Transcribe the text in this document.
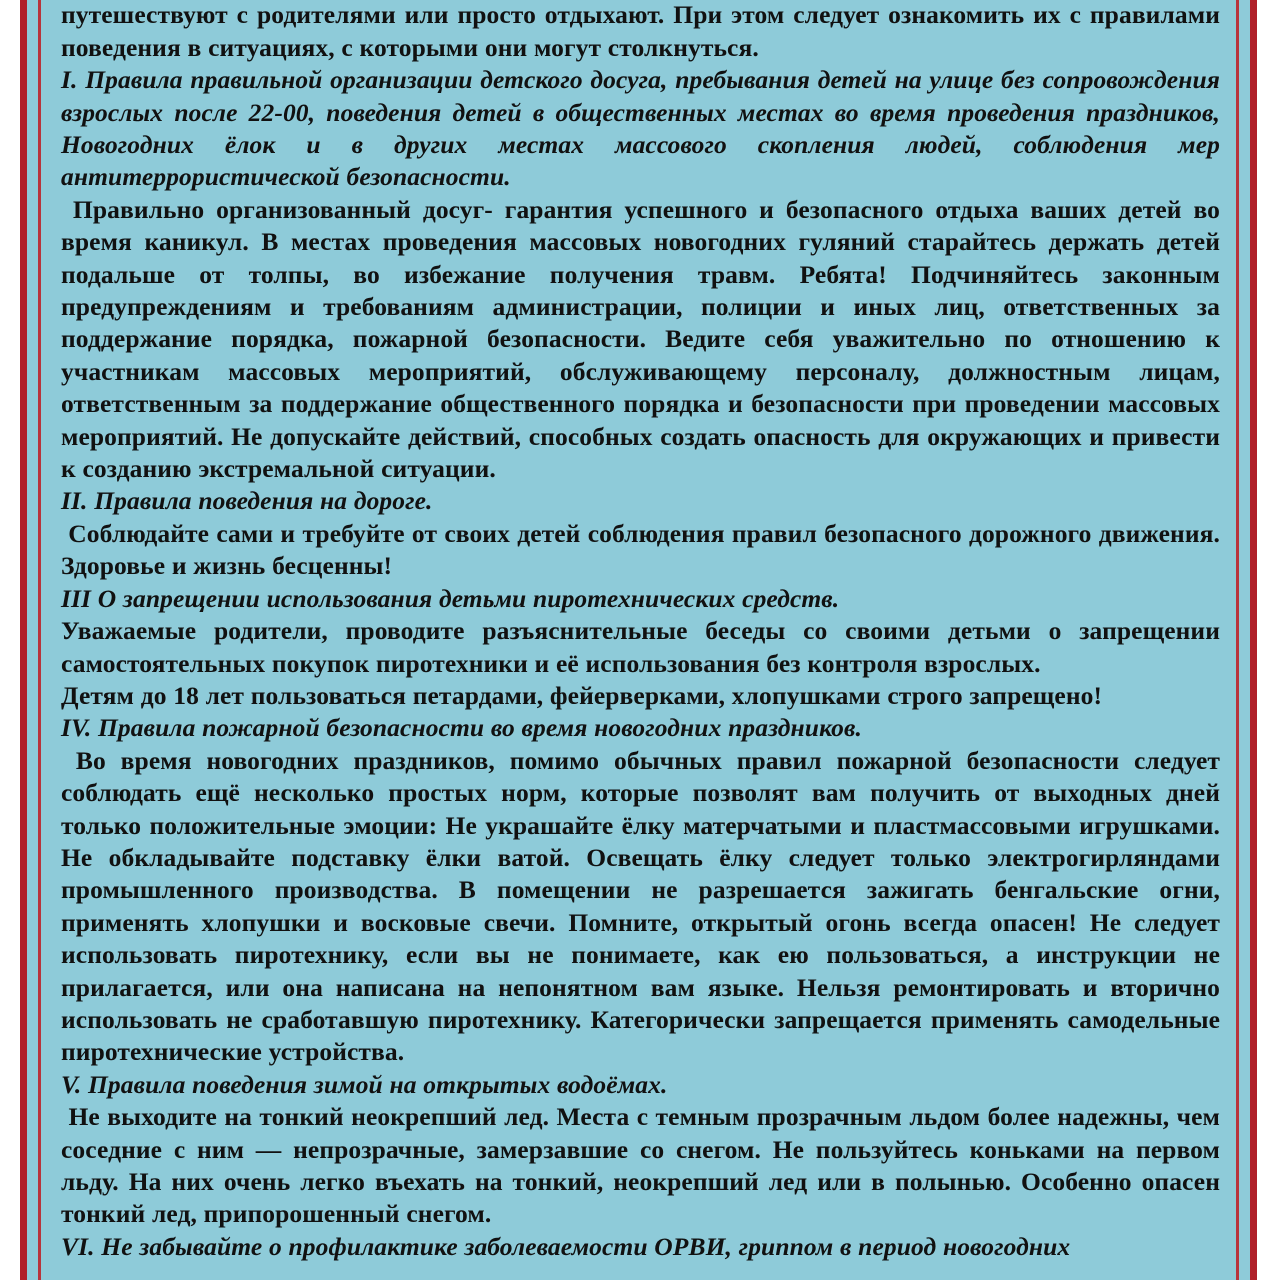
путешествуют с родителями или просто отдыхают. При этом следует ознакомить их с правилами поведения в ситуациях, с которыми они могут столкнуться.

I. Правила правильной организации детского досуга, пребывания детей на улице без сопровождения взрослых после 22-00, поведения детей в общественных местах во время проведения праздников, Новогодних ёлок и в других местах массового скопления людей, соблюдения мер антитеррористической безопасности.

Правильно организованный досуг- гарантия успешного и безопасного отдыха ваших детей во время каникул. В местах проведения массовых новогодних гуляний старайтесь держать детей подальше от толпы, во избежание получения травм. Ребята! Подчиняйтесь законным предупреждениям и требованиям администрации, полиции и иных лиц, ответственных за поддержание порядка, пожарной безопасности. Ведите себя уважительно по отношению к участникам массовых мероприятий, обслуживающему персоналу, должностным лицам, ответственным за поддержание общественного порядка и безопасности при проведении массовых мероприятий. Не допускайте действий, способных создать опасность для окружающих и привести к созданию экстремальной ситуации.

II. Правила поведения на дороге.

Соблюдайте сами и требуйте от своих детей соблюдения правил безопасного дорожного движения. Здоровье и жизнь бесценны!

III О запрещении использования детьми пиротехнических средств.

Уважаемые родители, проводите разъяснительные беседы со своими детьми о запрещении самостоятельных покупок пиротехники и её использования без контроля взрослых.

Детям до 18 лет пользоваться петардами, фейерверками, хлопушками строго запрещено!

IV. Правила пожарной безопасности во время новогодних праздников.

Во время новогодних праздников, помимо обычных правил пожарной безопасности следует соблюдать ещё несколько простых норм, которые позволят вам получить от выходных дней только положительные эмоции: Не украшайте ёлку матерчатыми и пластмассовыми игрушками. Не обкладывайте подставку ёлки ватой. Освещать ёлку следует только электрогирляндами промышленного производства. В помещении не разрешается зажигать бенгальские огни, применять хлопушки и восковые свечи. Помните, открытый огонь всегда опасен! Не следует использовать пиротехнику, если вы не понимаете, как ею пользоваться, а инструкции не прилагается, или она написана на непонятном вам языке. Нельзя ремонтировать и вторично использовать не сработавшую пиротехнику. Категорически запрещается применять самодельные пиротехнические устройства.

V. Правила поведения зимой на открытых водоёмах.

Не выходите на тонкий неокрепший лед. Места с темным прозрачным льдом более надежны, чем соседние с ним — непрозрачные, замерзавшие со снегом. Не пользуйтесь коньками на первом льду. На них очень легко въехать на тонкий, неокрепший лед или в полынью. Особенно опасен тонкий лед, припорошенный снегом.

VI. Не забывайте о профилактике заболеваемости ОРВИ, гриппом в период новогодних
